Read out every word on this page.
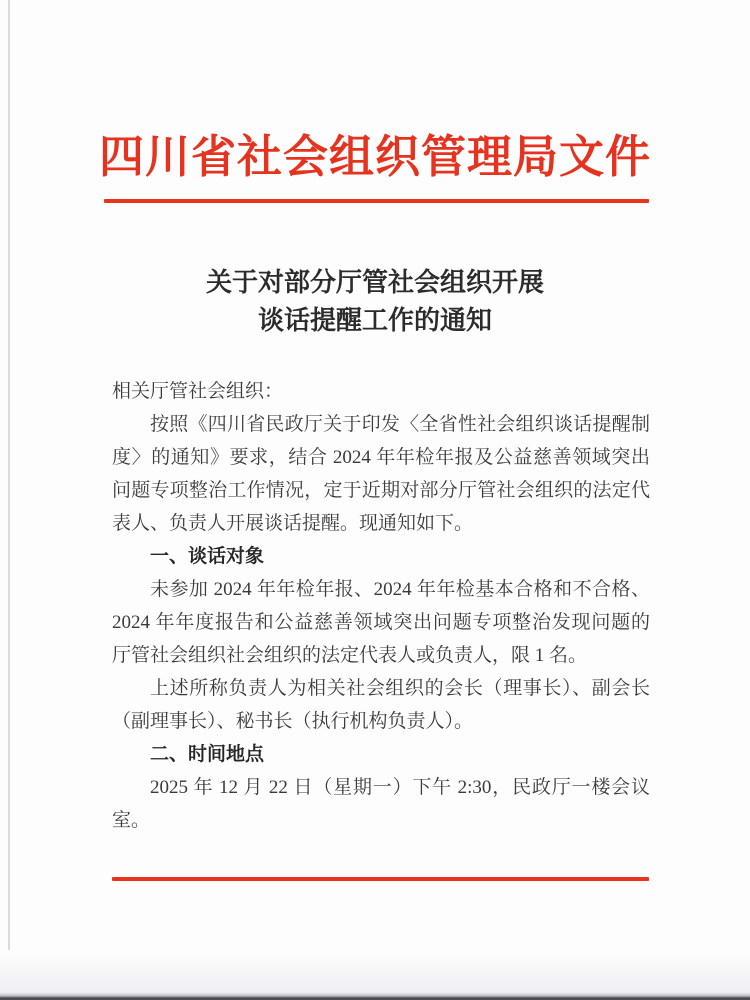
四川省社会组织管理局文件
关于对部分厅管社会组织开展
谈话提醒工作的通知
相关厅管社会组织：
按照《四川省民政厅关于印发〈全省性社会组织谈话提醒制
度〉的通知》要求，结合 2024 年年检年报及公益慈善领域突出
问题专项整治工作情况，定于近期对部分厅管社会组织的法定代
表人、负责人开展谈话提醒。现通知如下。
一、谈话对象
未参加 2024 年年检年报、2024 年年检基本合格和不合格、
2024 年年度报告和公益慈善领域突出问题专项整治发现问题的
厅管社会组织社会组织的法定代表人或负责人，限 1 名。
上述所称负责人为相关社会组织的会长（理事长）、副会长
（副理事长）、秘书长（执行机构负责人）。
二、时间地点
2025 年 12 月 22 日（星期一）下午 2:30，民政厅一楼会议
室。
